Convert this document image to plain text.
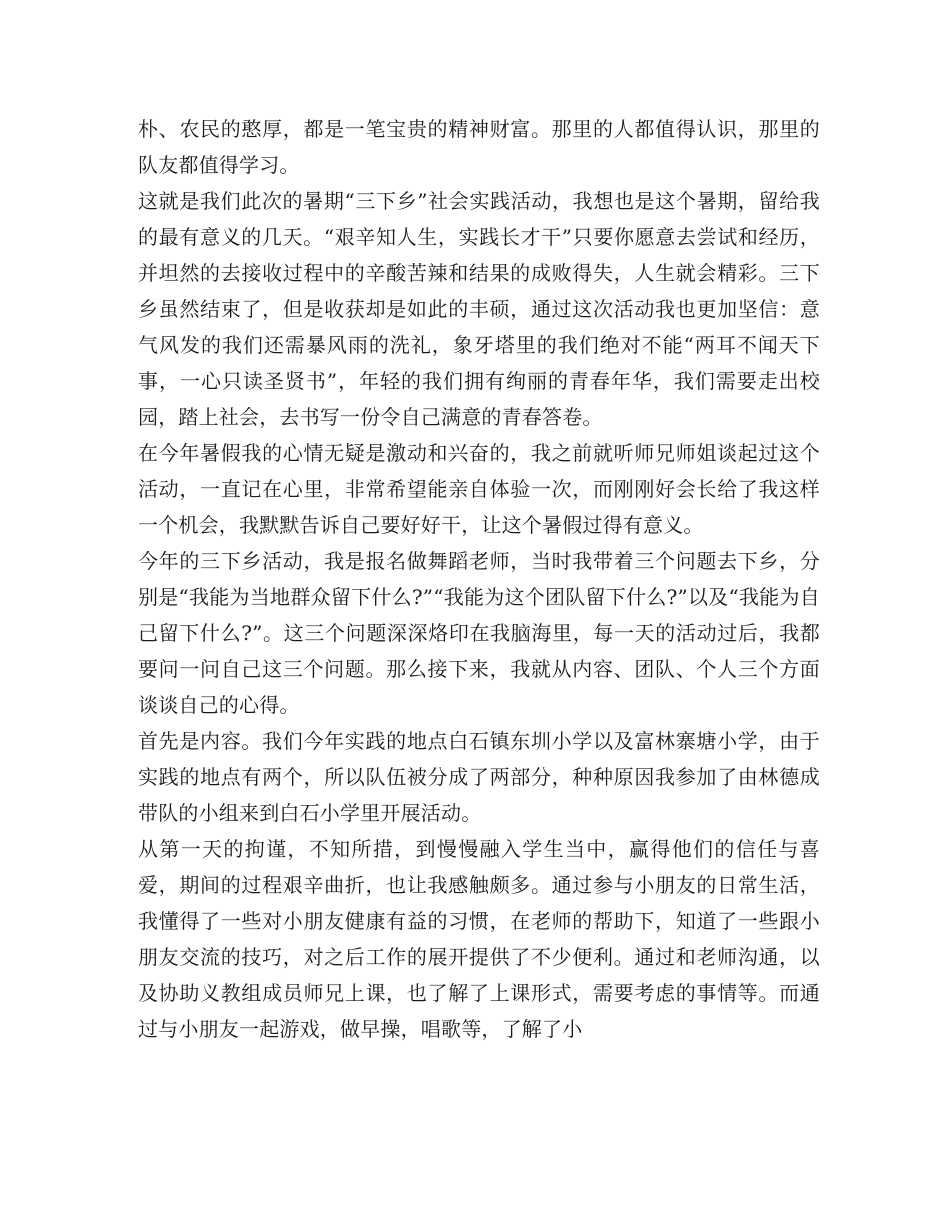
朴、农民的憨厚，都是一笔宝贵的精神财富。那里的人都值得认识，那里的队友都值得学习。

这就是我们此次的暑期“三下乡”社会实践活动，我想也是这个暑期，留给我的最有意义的几天。“艰辛知人生，实践长才干”只要你愿意去尝试和经历，并坦然的去接收过程中的辛酸苦辣和结果的成败得失，人生就会精彩。三下乡虽然结束了，但是收获却是如此的丰硕，通过这次活动我也更加坚信：意气风发的我们还需暴风雨的洗礼，象牙塔里的我们绝对不能“两耳不闻天下事，一心只读圣贤书”，年轻的我们拥有绚丽的青春年华，我们需要走出校园，踏上社会，去书写一份令自己满意的青春答卷。

在今年暑假我的心情无疑是激动和兴奋的，我之前就听师兄师姐谈起过这个活动，一直记在心里，非常希望能亲自体验一次，而刚刚好会长给了我这样一个机会，我默默告诉自己要好好干，让这个暑假过得有意义。

今年的三下乡活动，我是报名做舞蹈老师，当时我带着三个问题去下乡，分别是“我能为当地群众留下什么?”“我能为这个团队留下什么?”以及“我能为自己留下什么?”。这三个问题深深烙印在我脑海里，每一天的活动过后，我都要问一问自己这三个问题。那么接下来，我就从内容、团队、个人三个方面谈谈自己的心得。

首先是内容。我们今年实践的地点白石镇东圳小学以及富林寨塘小学，由于实践的地点有两个，所以队伍被分成了两部分，种种原因我参加了由林德成带队的小组来到白石小学里开展活动。

从第一天的拘谨，不知所措，到慢慢融入学生当中，赢得他们的信任与喜爱，期间的过程艰辛曲折，也让我感触颇多。通过参与小朋友的日常生活，我懂得了一些对小朋友健康有益的习惯，在老师的帮助下，知道了一些跟小朋友交流的技巧，对之后工作的展开提供了不少便利。通过和老师沟通，以及协助义教组成员师兄上课，也了解了上课形式，需要考虑的事情等。而通过与小朋友一起游戏，做早操，唱歌等，了解了小
